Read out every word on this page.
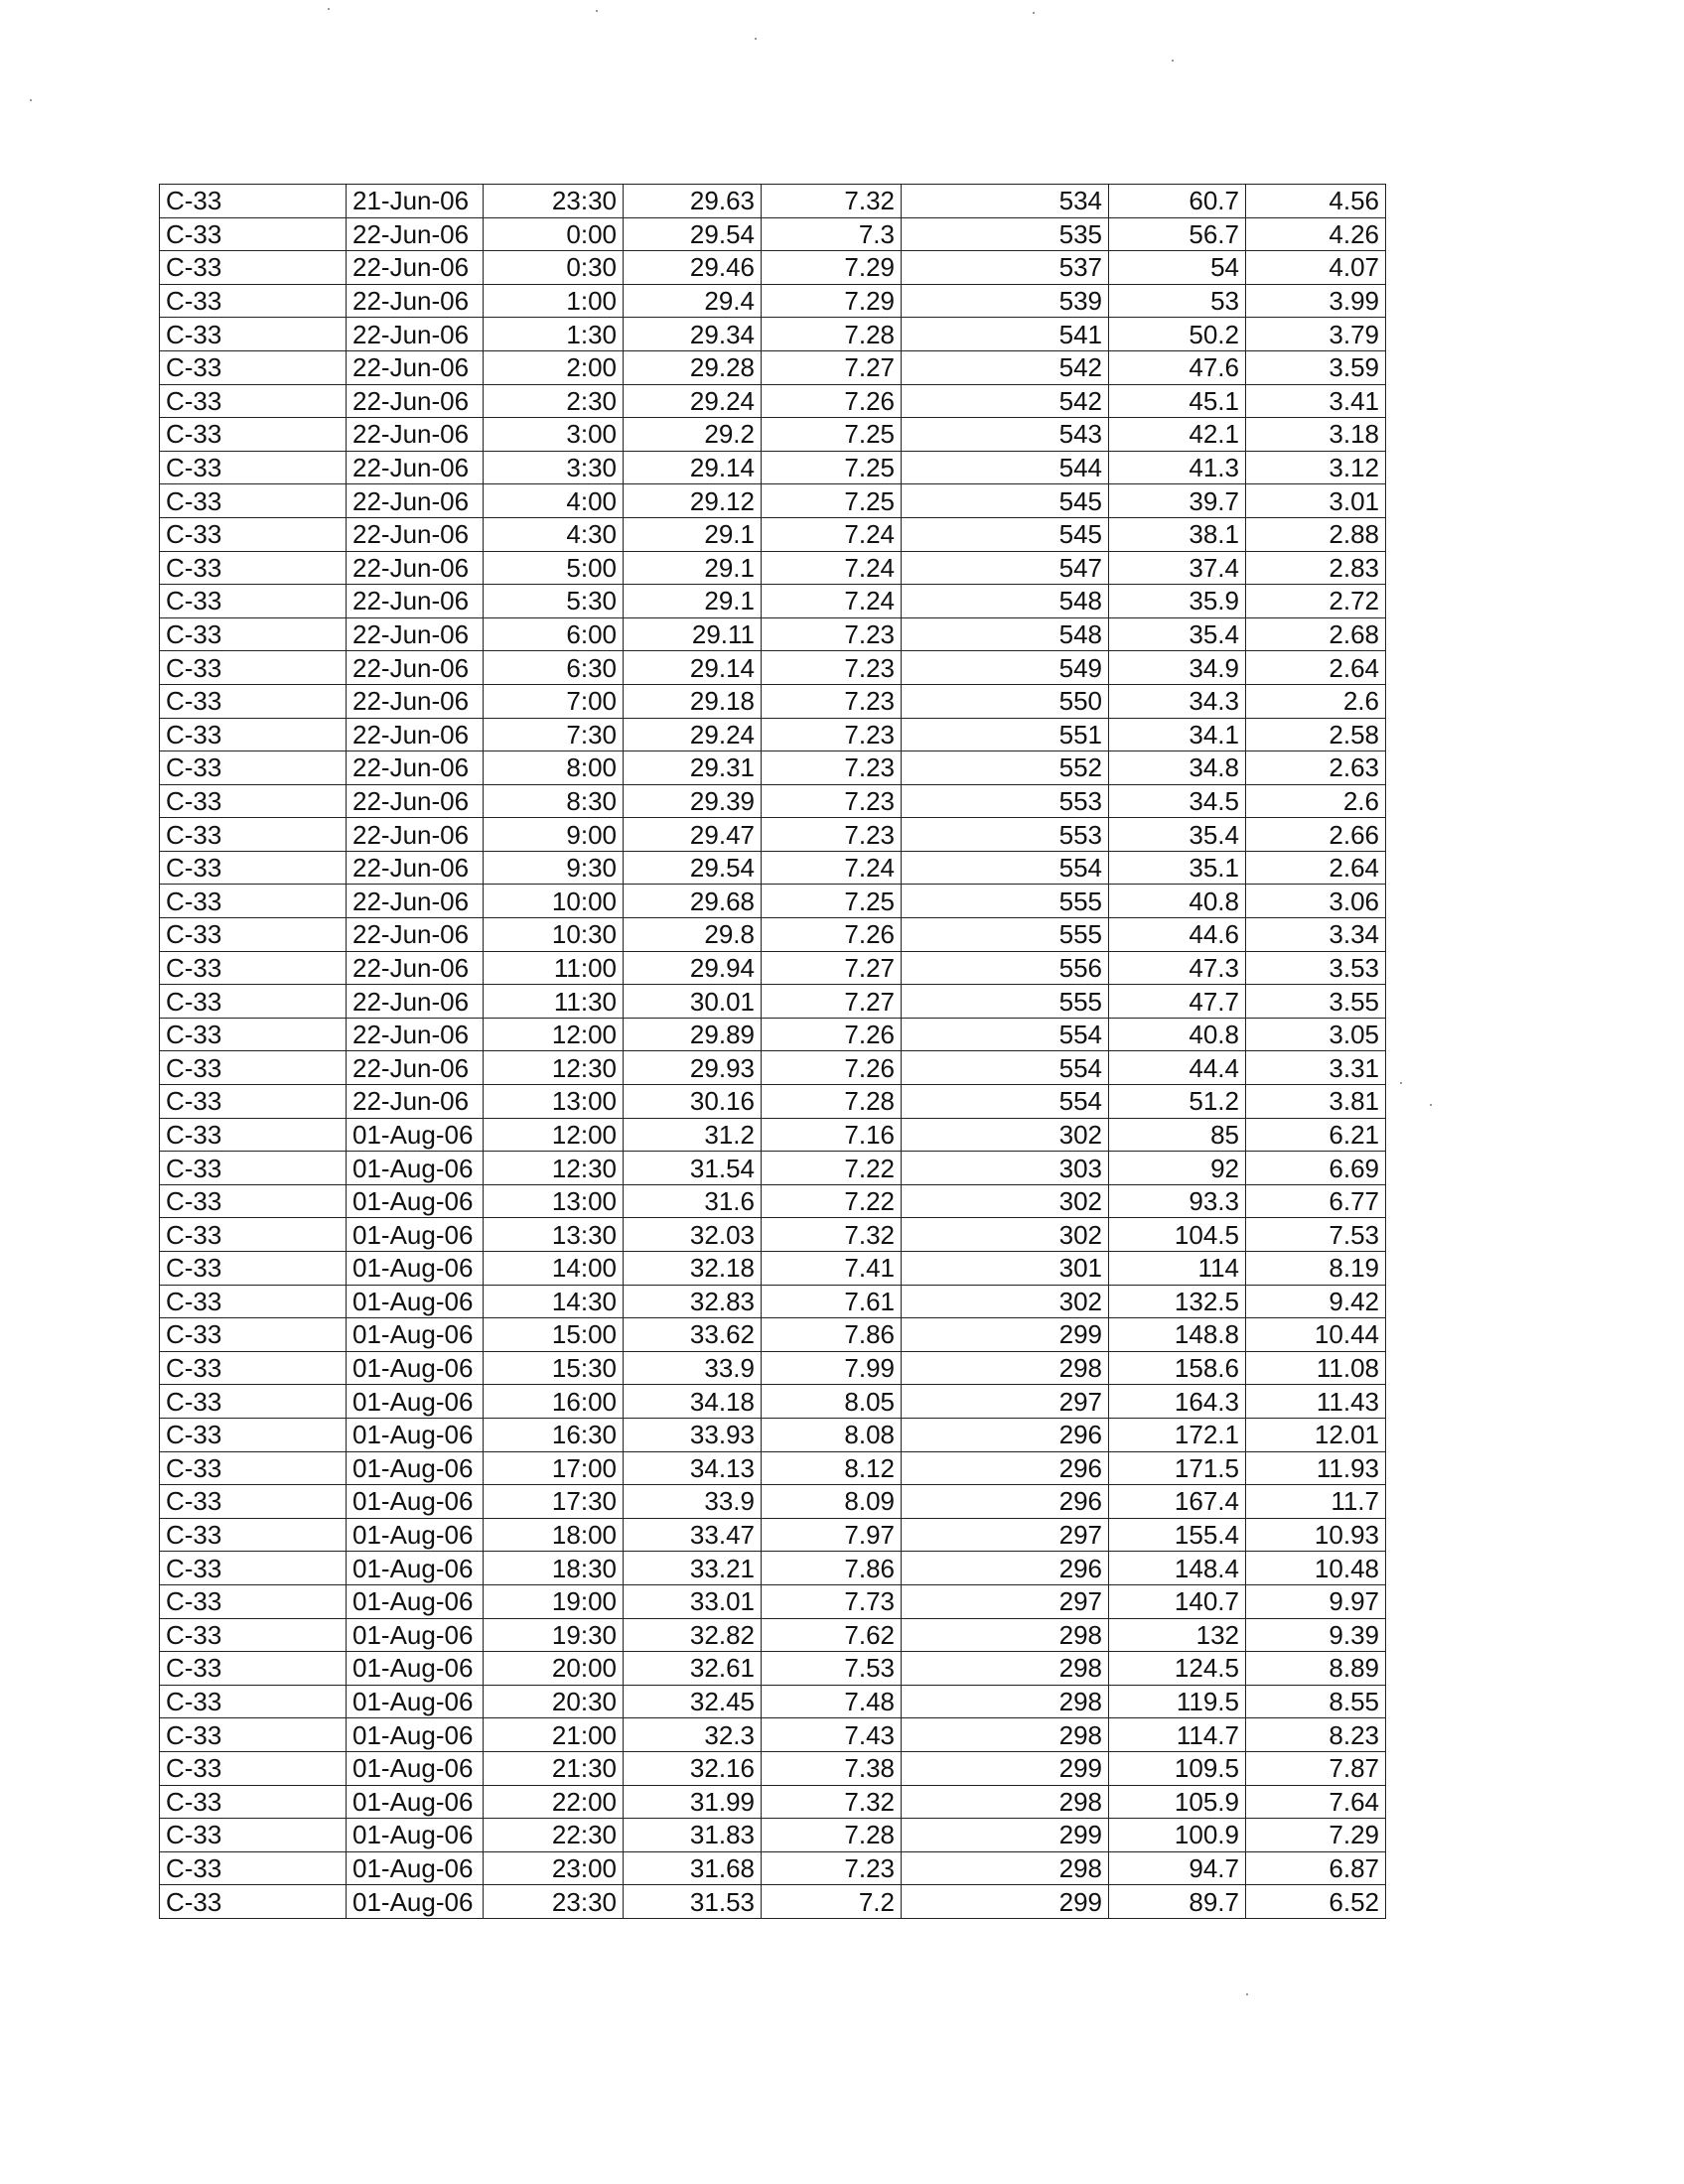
C-33	21-Jun-06	23:30	29.63	7.32	534	60.7	4.56
C-33	22-Jun-06	0:00	29.54	7.3	535	56.7	4.26
C-33	22-Jun-06	0:30	29.46	7.29	537	54	4.07
C-33	22-Jun-06	1:00	29.4	7.29	539	53	3.99
C-33	22-Jun-06	1:30	29.34	7.28	541	50.2	3.79
C-33	22-Jun-06	2:00	29.28	7.27	542	47.6	3.59
C-33	22-Jun-06	2:30	29.24	7.26	542	45.1	3.41
C-33	22-Jun-06	3:00	29.2	7.25	543	42.1	3.18
C-33	22-Jun-06	3:30	29.14	7.25	544	41.3	3.12
C-33	22-Jun-06	4:00	29.12	7.25	545	39.7	3.01
C-33	22-Jun-06	4:30	29.1	7.24	545	38.1	2.88
C-33	22-Jun-06	5:00	29.1	7.24	547	37.4	2.83
C-33	22-Jun-06	5:30	29.1	7.24	548	35.9	2.72
C-33	22-Jun-06	6:00	29.11	7.23	548	35.4	2.68
C-33	22-Jun-06	6:30	29.14	7.23	549	34.9	2.64
C-33	22-Jun-06	7:00	29.18	7.23	550	34.3	2.6
C-33	22-Jun-06	7:30	29.24	7.23	551	34.1	2.58
C-33	22-Jun-06	8:00	29.31	7.23	552	34.8	2.63
C-33	22-Jun-06	8:30	29.39	7.23	553	34.5	2.6
C-33	22-Jun-06	9:00	29.47	7.23	553	35.4	2.66
C-33	22-Jun-06	9:30	29.54	7.24	554	35.1	2.64
C-33	22-Jun-06	10:00	29.68	7.25	555	40.8	3.06
C-33	22-Jun-06	10:30	29.8	7.26	555	44.6	3.34
C-33	22-Jun-06	11:00	29.94	7.27	556	47.3	3.53
C-33	22-Jun-06	11:30	30.01	7.27	555	47.7	3.55
C-33	22-Jun-06	12:00	29.89	7.26	554	40.8	3.05
C-33	22-Jun-06	12:30	29.93	7.26	554	44.4	3.31
C-33	22-Jun-06	13:00	30.16	7.28	554	51.2	3.81
C-33	01-Aug-06	12:00	31.2	7.16	302	85	6.21
C-33	01-Aug-06	12:30	31.54	7.22	303	92	6.69
C-33	01-Aug-06	13:00	31.6	7.22	302	93.3	6.77
C-33	01-Aug-06	13:30	32.03	7.32	302	104.5	7.53
C-33	01-Aug-06	14:00	32.18	7.41	301	114	8.19
C-33	01-Aug-06	14:30	32.83	7.61	302	132.5	9.42
C-33	01-Aug-06	15:00	33.62	7.86	299	148.8	10.44
C-33	01-Aug-06	15:30	33.9	7.99	298	158.6	11.08
C-33	01-Aug-06	16:00	34.18	8.05	297	164.3	11.43
C-33	01-Aug-06	16:30	33.93	8.08	296	172.1	12.01
C-33	01-Aug-06	17:00	34.13	8.12	296	171.5	11.93
C-33	01-Aug-06	17:30	33.9	8.09	296	167.4	11.7
C-33	01-Aug-06	18:00	33.47	7.97	297	155.4	10.93
C-33	01-Aug-06	18:30	33.21	7.86	296	148.4	10.48
C-33	01-Aug-06	19:00	33.01	7.73	297	140.7	9.97
C-33	01-Aug-06	19:30	32.82	7.62	298	132	9.39
C-33	01-Aug-06	20:00	32.61	7.53	298	124.5	8.89
C-33	01-Aug-06	20:30	32.45	7.48	298	119.5	8.55
C-33	01-Aug-06	21:00	32.3	7.43	298	114.7	8.23
C-33	01-Aug-06	21:30	32.16	7.38	299	109.5	7.87
C-33	01-Aug-06	22:00	31.99	7.32	298	105.9	7.64
C-33	01-Aug-06	22:30	31.83	7.28	299	100.9	7.29
C-33	01-Aug-06	23:00	31.68	7.23	298	94.7	6.87
C-33	01-Aug-06	23:30	31.53	7.2	299	89.7	6.52
